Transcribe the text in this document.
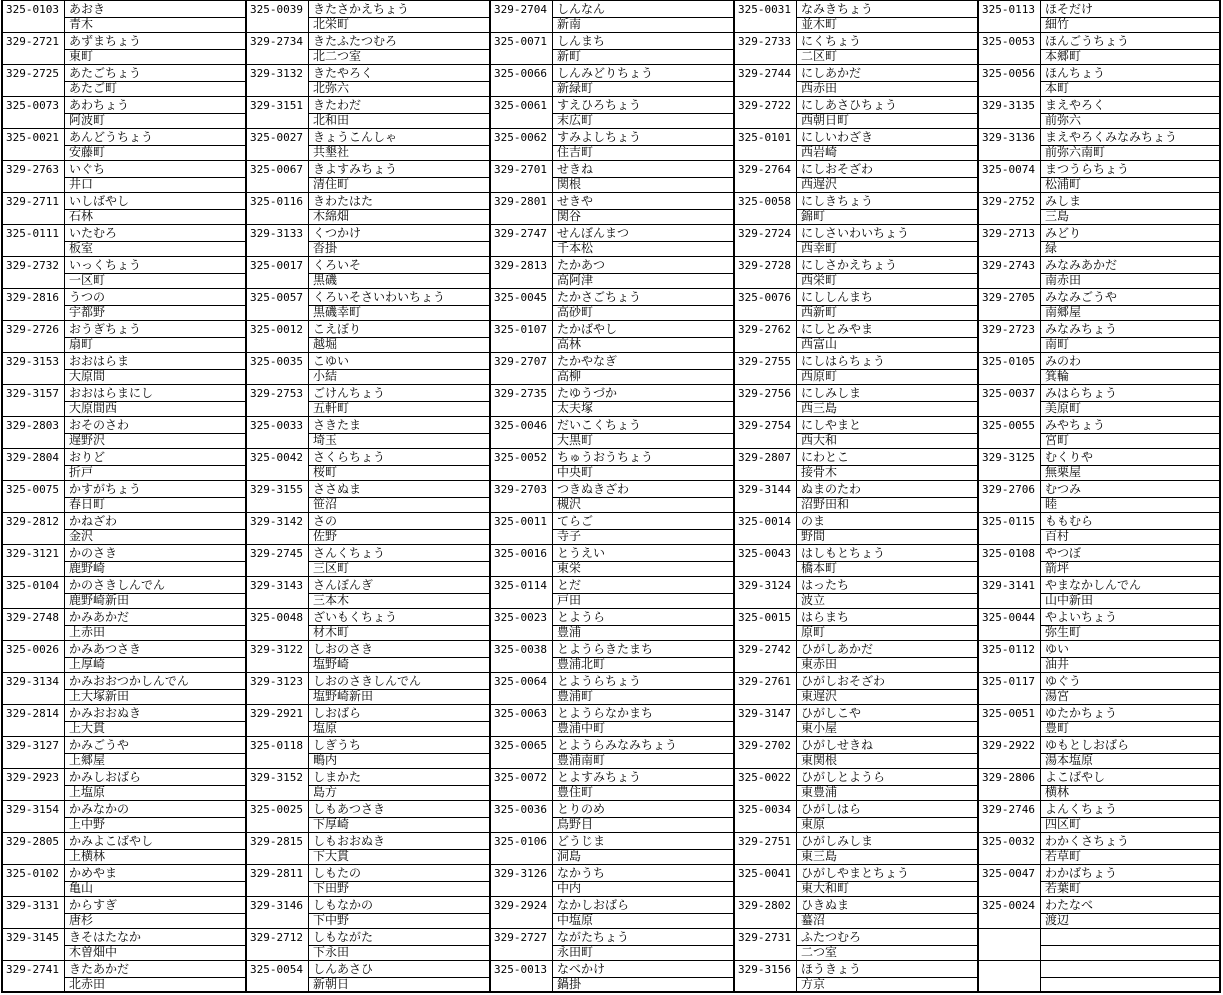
325-0103 あおき
青木
329-2721 あずまちょう
東町
329-2725 あたごちょう
あたご町
325-0073 あわちょう
阿波町
325-0021 あんどうちょう
安藤町
329-2763 いぐち
井口
329-2711 いしばやし
石林
325-0111 いたむろ
板室
329-2732 いっくちょう
一区町
329-2816 うつの
宇都野
329-2726 おうぎちょう
扇町
329-3153 おおはらま
大原間
329-3157 おおはらまにし
大原間西
329-2803 おそのさわ
遅野沢
329-2804 おりど
折戸
325-0075 かすがちょう
春日町
329-2812 かねざわ
金沢
329-3121 かのさき
鹿野崎
325-0104 かのさきしんでん
鹿野崎新田
329-2748 かみあかだ
上赤田
325-0026 かみあつさき
上厚崎
329-3134 かみおおつかしんでん
上大塚新田
329-2814 かみおおぬき
上大貫
329-3127 かみごうや
上郷屋
329-2923 かみしおばら
上塩原
329-3154 かみなかの
上中野
329-2805 かみよこばやし
上横林
325-0102 かめやま
亀山
329-3131 からすぎ
唐杉
329-3145 きそはたなか
木曽畑中
329-2741 きたあかだ
北赤田
325-0039 きたさかえちょう
北栄町
329-2734 きたふたつむろ
北二つ室
329-3132 きたやろく
北弥六
329-3151 きたわだ
北和田
325-0027 きょうこんしゃ
共墾社
325-0067 きよすみちょう
清住町
325-0116 きわたはた
木綿畑
329-3133 くつかけ
沓掛
325-0017 くろいそ
黒磯
325-0057 くろいそさいわいちょう
黒磯幸町
325-0012 こえぼり
越堀
325-0035 こゆい
小結
329-2753 ごけんちょう
五軒町
325-0033 さきたま
埼玉
325-0042 さくらちょう
桜町
329-3155 ささぬま
笹沼
329-3142 さの
佐野
329-2745 さんくちょう
三区町
329-3143 さんぼんぎ
三本木
325-0048 ざいもくちょう
材木町
329-3122 しおのさき
塩野崎
329-3123 しおのさきしんでん
塩野崎新田
329-2921 しおばら
塩原
325-0118 しぎうち
鴫内
329-3152 しまかた
島方
325-0025 しもあつさき
下厚崎
329-2815 しもおおぬき
下大貫
329-2811 しもたの
下田野
329-3146 しもなかの
下中野
329-2712 しもながた
下永田
325-0054 しんあさひ
新朝日
329-2704 しんなん
新南
325-0071 しんまち
新町
325-0066 しんみどりちょう
新緑町
325-0061 すえひろちょう
末広町
325-0062 すみよしちょう
住吉町
329-2701 せきね
関根
329-2801 せきや
関谷
329-2747 せんぼんまつ
千本松
329-2813 たかあつ
高阿津
325-0045 たかさごちょう
高砂町
325-0107 たかばやし
高林
329-2707 たかやなぎ
高柳
329-2735 たゆうづか
太夫塚
325-0046 だいこくちょう
大黒町
325-0052 ちゅうおうちょう
中央町
329-2703 つきぬきざわ
槻沢
325-0011 てらご
寺子
325-0016 とうえい
東栄
325-0114 とだ
戸田
325-0023 とようら
豊浦
325-0038 とようらきたまち
豊浦北町
325-0064 とようらちょう
豊浦町
325-0063 とようらなかまち
豊浦中町
325-0065 とようらみなみちょう
豊浦南町
325-0072 とよすみちょう
豊住町
325-0036 とりのめ
鳥野目
325-0106 どうじま
洞島
329-3126 なかうち
中内
329-2924 なかしおばら
中塩原
329-2727 ながたちょう
永田町
325-0013 なべかけ
鍋掛
325-0031 なみきちょう
並木町
329-2733 にくちょう
二区町
329-2744 にしあかだ
西赤田
329-2722 にしあさひちょう
西朝日町
325-0101 にしいわざき
西岩崎
329-2764 にしおそざわ
西遅沢
325-0058 にしきちょう
錦町
329-2724 にしさいわいちょう
西幸町
329-2728 にしさかえちょう
西栄町
325-0076 にししんまち
西新町
329-2762 にしとみやま
西富山
329-2755 にしはらちょう
西原町
329-2756 にしみしま
西三島
329-2754 にしやまと
西大和
329-2807 にわとこ
接骨木
329-3144 ぬまのたわ
沼野田和
325-0014 のま
野間
325-0043 はしもとちょう
橋本町
329-3124 はったち
波立
325-0015 はらまち
原町
329-2742 ひがしあかだ
東赤田
329-2761 ひがしおそざわ
東遅沢
329-3147 ひがしこや
東小屋
329-2702 ひがしせきね
東関根
325-0022 ひがしとようら
東豊浦
325-0034 ひがしはら
東原
329-2751 ひがしみしま
東三島
325-0041 ひがしやまとちょう
東大和町
329-2802 ひきぬま
蟇沼
329-2731 ふたつむろ
二つ室
329-3156 ほうきょう
方京
325-0113 ほそだけ
細竹
325-0053 ほんごうちょう
本郷町
325-0056 ほんちょう
本町
329-3135 まえやろく
前弥六
329-3136 まえやろくみなみちょう
前弥六南町
325-0074 まつうらちょう
松浦町
329-2752 みしま
三島
329-2713 みどり
緑
329-2743 みなみあかだ
南赤田
329-2705 みなみごうや
南郷屋
329-2723 みなみちょう
南町
325-0105 みのわ
箕輪
325-0037 みはらちょう
美原町
325-0055 みやちょう
宮町
329-3125 むくりや
無栗屋
329-2706 むつみ
睦
325-0115 ももむら
百村
325-0108 やつぼ
箭坪
329-3141 やまなかしんでん
山中新田
325-0044 やよいちょう
弥生町
325-0112 ゆい
油井
325-0117 ゆぐう
湯宮
325-0051 ゆたかちょう
豊町
329-2922 ゆもとしおばら
湯本塩原
329-2806 よこばやし
横林
329-2746 よんくちょう
四区町
325-0032 わかくさちょう
若草町
325-0047 わかばちょう
若葉町
325-0024 わたなべ
渡辺
